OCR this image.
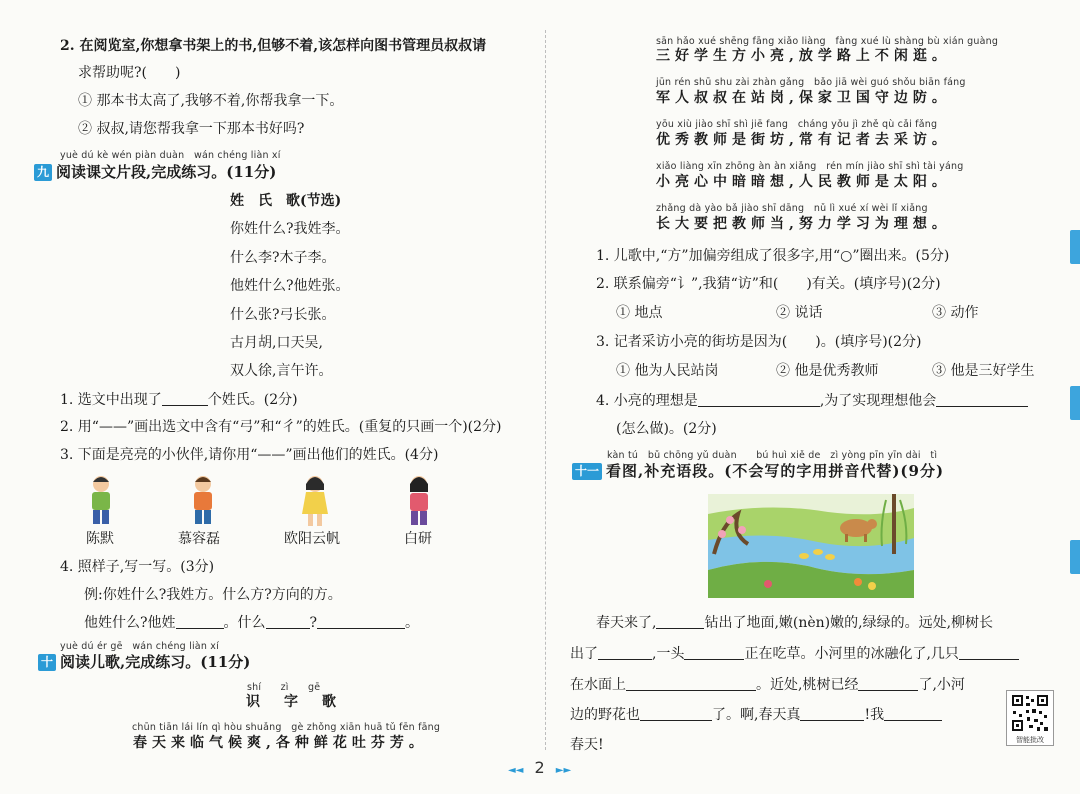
2. 在阅览室,你想拿书架上的书,但够不着,该怎样向图书管理员叔叔请
求帮助呢?(　　)
① 那本书太高了,我够不着,你帮我拿一下。
② 叔叔,请您帮我拿一下那本书好吗?
yuè dú kè wén piàn duàn　wán chéng liàn xí
九 阅读课文片段,完成练习。(11分)
姓　氏　歌(节选)
你姓什么?我姓李。
什么李?木子李。
他姓什么?他姓张。
什么张?弓长张。
古月胡,口天吴,
双人徐,言午许。
1. 选文中出现了	个姓氏。(2分)
2. 用“——”画出选文中含有“弓”和“彳”的姓氏。(重复的只画一个)(2分)
3. 下面是亮亮的小伙伴,请你用“——”画出他们的姓氏。(4分)
陈默	慕容磊	欧阳云帆	白研
4. 照样子,写一写。(3分)
例:你姓什么?我姓方。什么方?方向的方。
他姓什么?他姓	。什么	?	。
yuè dú ér gē　wán chéng liàn xí
十 阅读儿歌,完成练习。(11分)
shí　　zì　　gē
识　字　歌
chūn tiān lái lín qì hòu shuǎng　gè zhǒng xiān huā tǔ fēn fāng
春天来临气候爽,各种鲜花吐芬芳。
sān hǎo xué shēng fāng xiǎo liàng　fàng xué lù shàng bù xián guàng
三好学生方小亮,放学路上不闲逛。
jūn rén shū shu zài zhàn gǎng　bǎo jiā wèi guó shǒu biān fáng
军人叔叔在站岗,保家卫国守边防。
yōu xiù jiào shī shì jiē fang　cháng yǒu jì zhě qù cǎi fǎng
优秀教师是街坊,常有记者去采访。
xiǎo liàng xīn zhōng àn àn xiǎng　rén mín jiào shī shì tài yáng
小亮心中暗暗想,人民教师是太阳。
zhǎng dà yào bǎ jiào shī dāng　nǔ lì xué xí wèi lǐ xiǎng
长大要把教师当,努力学习为理想。
1. 儿歌中,“方”加偏旁组成了很多字,用“○”圈出来。(5分)
2. 联系偏旁“讠”,我猜“访”和(　　)有关。(填序号)(2分)
① 地点	② 说话	③ 动作
3. 记者采访小亮的街坊是因为(　　)。(填序号)(2分)
① 他为人民站岗	② 他是优秀教师	③ 他是三好学生
4. 小亮的理想是	,为了实现理想他会
(怎么做)。(2分)
kàn tú　bǔ chōng yǔ duàn　　bú huì xiě de　zì yòng pīn yīn dài　tì
十一 看图,补充语段。(不会写的字用拼音代替)(9分)
春天来了,	钻出了地面,嫩(nèn)嫩的,绿绿的。远处,柳树长
出了	,一头	正在吃草。小河里的冰融化了,几只
在水面上	。近处,桃树已经	了,小河
边的野花也	了。啊,春天真	!我
春天!	智能批改
◄◄ 2 ►►
